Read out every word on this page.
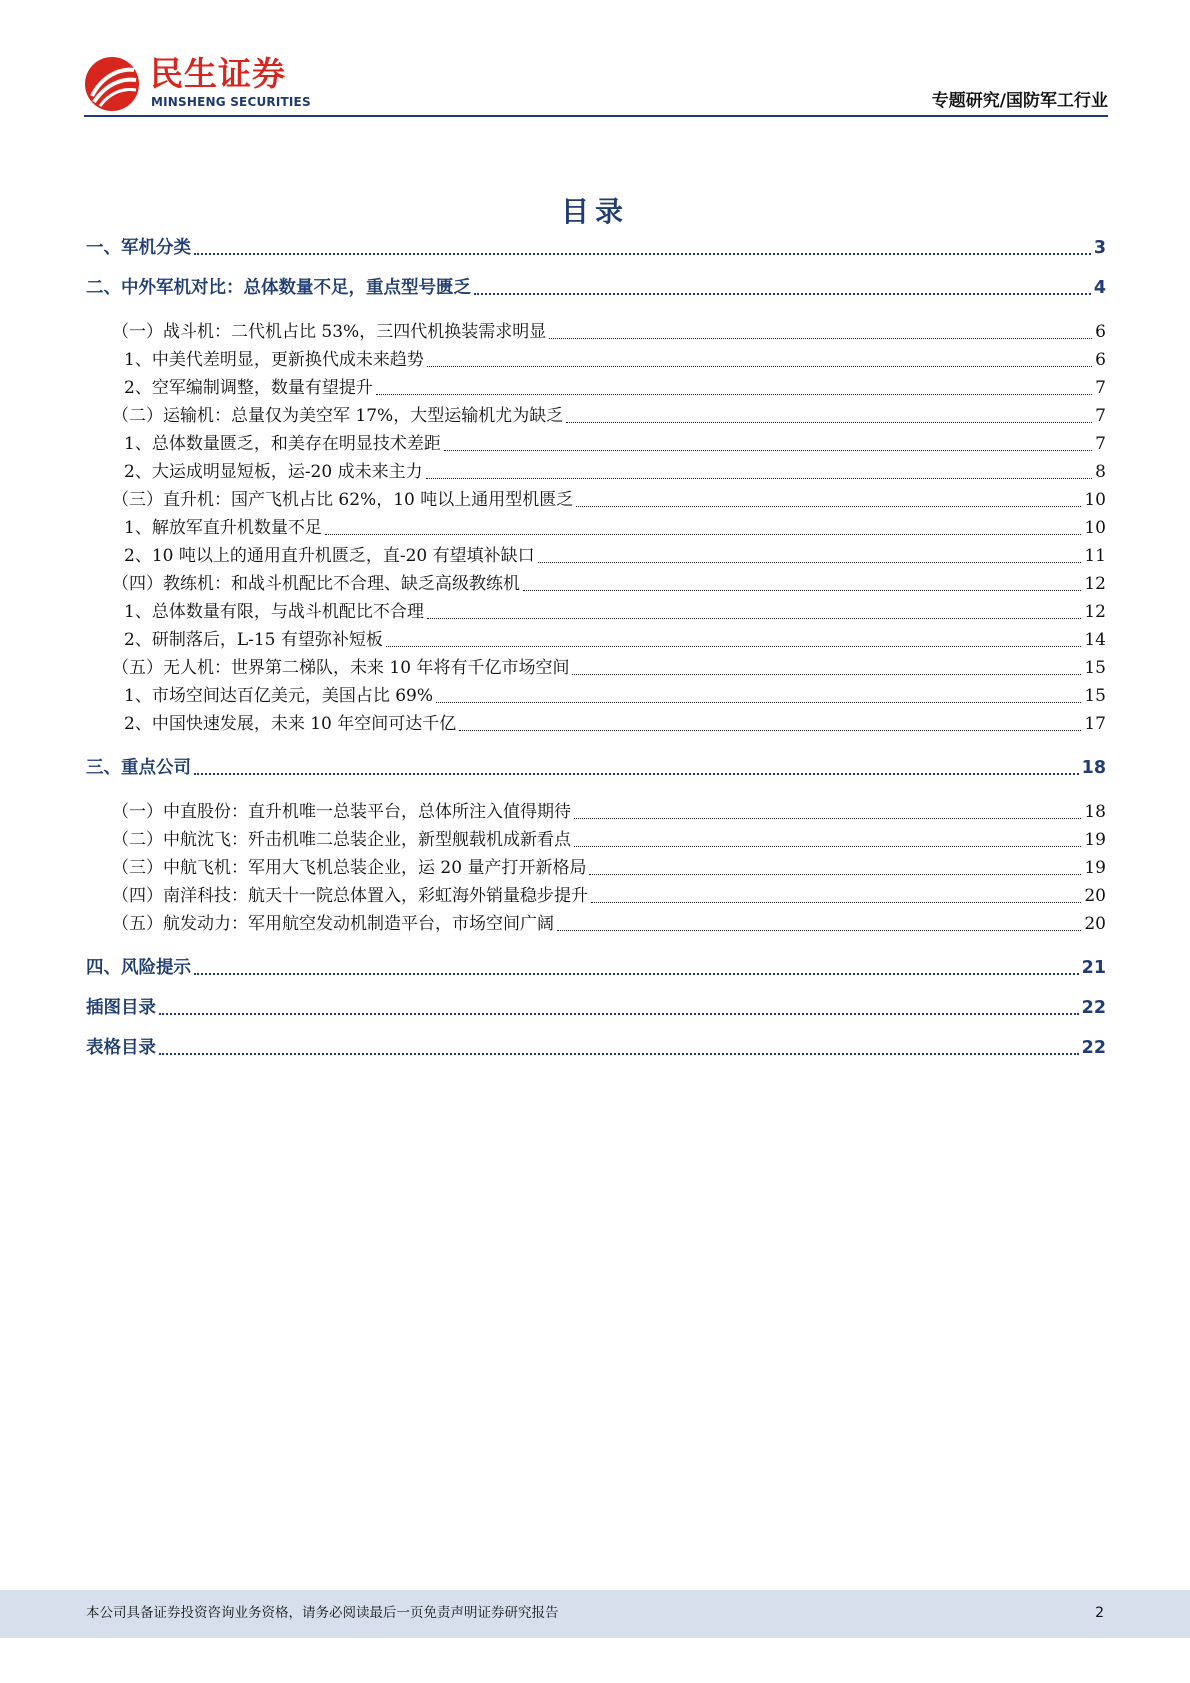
民生证券
MINSHENG SECURITIES	专题研究/国防军工行业
目录
一、军机分类	3
二、中外军机对比：总体数量不足，重点型号匮乏	4
（一）战斗机：二代机占比 53%，三四代机换装需求明显	6
1、中美代差明显，更新换代成未来趋势	6
2、空军编制调整，数量有望提升	7
（二）运输机：总量仅为美空军 17%，大型运输机尤为缺乏	7
1、总体数量匮乏，和美存在明显技术差距	7
2、大运成明显短板，运-20 成未来主力	8
（三）直升机：国产飞机占比 62%，10 吨以上通用型机匮乏	10
1、解放军直升机数量不足	10
2、10 吨以上的通用直升机匮乏，直-20 有望填补缺口	11
（四）教练机：和战斗机配比不合理、缺乏高级教练机	12
1、总体数量有限，与战斗机配比不合理	12
2、研制落后，L-15 有望弥补短板	14
（五）无人机：世界第二梯队，未来 10 年将有千亿市场空间	15
1、市场空间达百亿美元，美国占比 69%	15
2、中国快速发展，未来 10 年空间可达千亿	17
三、重点公司	18
（一）中直股份：直升机唯一总装平台，总体所注入值得期待	18
（二）中航沈飞：歼击机唯二总装企业，新型舰载机成新看点	19
（三）中航飞机：军用大飞机总装企业，运 20 量产打开新格局	19
（四）南洋科技：航天十一院总体置入，彩虹海外销量稳步提升	20
（五）航发动力：军用航空发动机制造平台，市场空间广阔	20
四、风险提示	21
插图目录	22
表格目录	22
本公司具备证券投资咨询业务资格，请务必阅读最后一页免责声明证券研究报告	2
